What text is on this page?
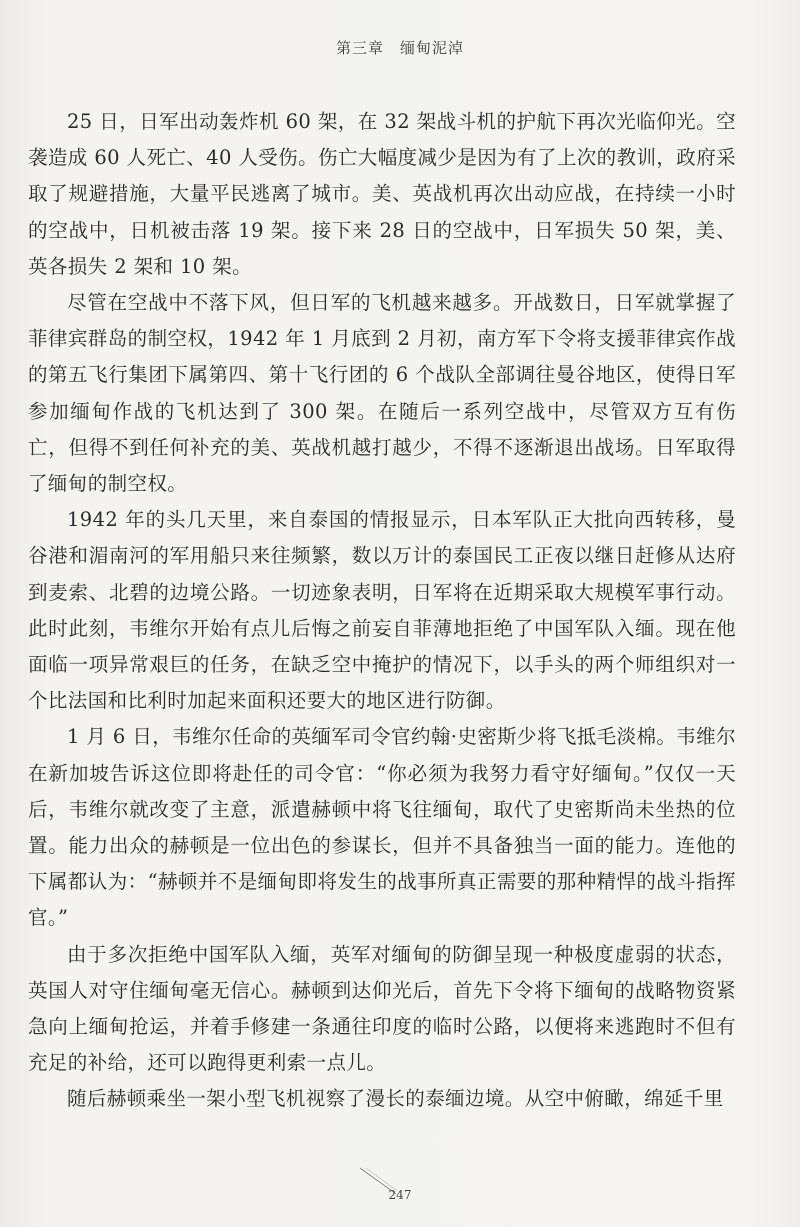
第三章　缅甸泥淖

25 日，日军出动轰炸机 60 架，在 32 架战斗机的护航下再次光临仰光。空袭造成 60 人死亡、40 人受伤。伤亡大幅度减少是因为有了上次的教训，政府采取了规避措施，大量平民逃离了城市。美、英战机再次出动应战，在持续一小时的空战中，日机被击落 19 架。接下来 28 日的空战中，日军损失 50 架，美、英各损失 2 架和 10 架。

尽管在空战中不落下风，但日军的飞机越来越多。开战数日，日军就掌握了菲律宾群岛的制空权，1942 年 1 月底到 2 月初，南方军下令将支援菲律宾作战的第五飞行集团下属第四、第十飞行团的 6 个战队全部调往曼谷地区，使得日军参加缅甸作战的飞机达到了 300 架。在随后一系列空战中，尽管双方互有伤亡，但得不到任何补充的美、英战机越打越少，不得不逐渐退出战场。日军取得了缅甸的制空权。

1942 年的头几天里，来自泰国的情报显示，日本军队正大批向西转移，曼谷港和湄南河的军用船只来往频繁，数以万计的泰国民工正夜以继日赶修从达府到麦索、北碧的边境公路。一切迹象表明，日军将在近期采取大规模军事行动。此时此刻，韦维尔开始有点儿后悔之前妄自菲薄地拒绝了中国军队入缅。现在他面临一项异常艰巨的任务，在缺乏空中掩护的情况下，以手头的两个师组织对一个比法国和比利时加起来面积还要大的地区进行防御。

1 月 6 日，韦维尔任命的英缅军司令官约翰·史密斯少将飞抵毛淡棉。韦维尔在新加坡告诉这位即将赴任的司令官：“你必须为我努力看守好缅甸。”仅仅一天后，韦维尔就改变了主意，派遣赫顿中将飞往缅甸，取代了史密斯尚未坐热的位置。能力出众的赫顿是一位出色的参谋长，但并不具备独当一面的能力。连他的下属都认为：“赫顿并不是缅甸即将发生的战事所真正需要的那种精悍的战斗指挥官。”

由于多次拒绝中国军队入缅，英军对缅甸的防御呈现一种极度虚弱的状态，英国人对守住缅甸毫无信心。赫顿到达仰光后，首先下令将下缅甸的战略物资紧急向上缅甸抢运，并着手修建一条通往印度的临时公路，以便将来逃跑时不但有充足的补给，还可以跑得更利索一点儿。

随后赫顿乘坐一架小型飞机视察了漫长的泰缅边境。从空中俯瞰，绵延千里

247
